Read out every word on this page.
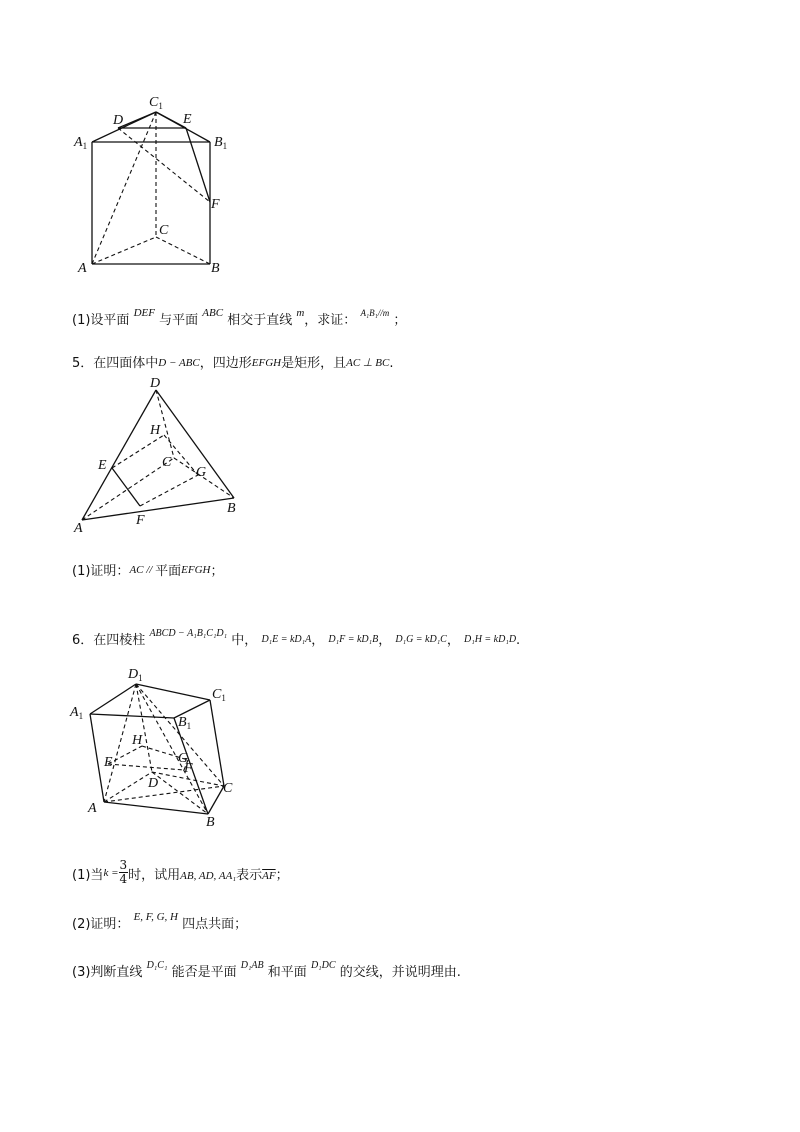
$A_1$	$B_1$
$C_1$
D	E
F
C
A	B
(1)设平面 $^{DEF}$ 与平面 $^{ABC}$ 相交于直线 $^m$，求证： $^{A_1B_1//m}$ ；
5．在四面体中D − ABC，四边形EFGH是矩形，且AC ⊥ BC.
D
H
E	C
G
A
F
B
(1)证明：AC // 平面EFGH；
6．在四棱柱 $^{ABCD - A_1B_1C_1D_1}$ 中， D₁E = kD₁A， D₁F = kD₁B， D₁G = kD₁C， D₁H = kD₁D.
$D_1$
$C_1$
$A_1$	$B_1$
H
E	G
F
D
A
C
B
(1)当$^{k =} \frac{3}{4}$ 时，试用AB, AD, AA₁表示$\overline{AF}$；
(2)证明： $^{E, F, G, H}$ 四点共面；
(3)判断直线 $^{D_1C_1}$ 能否是平面 $^{D_1AB}$ 和平面 $^{D_1DC}$ 的交线，并说明理由.
